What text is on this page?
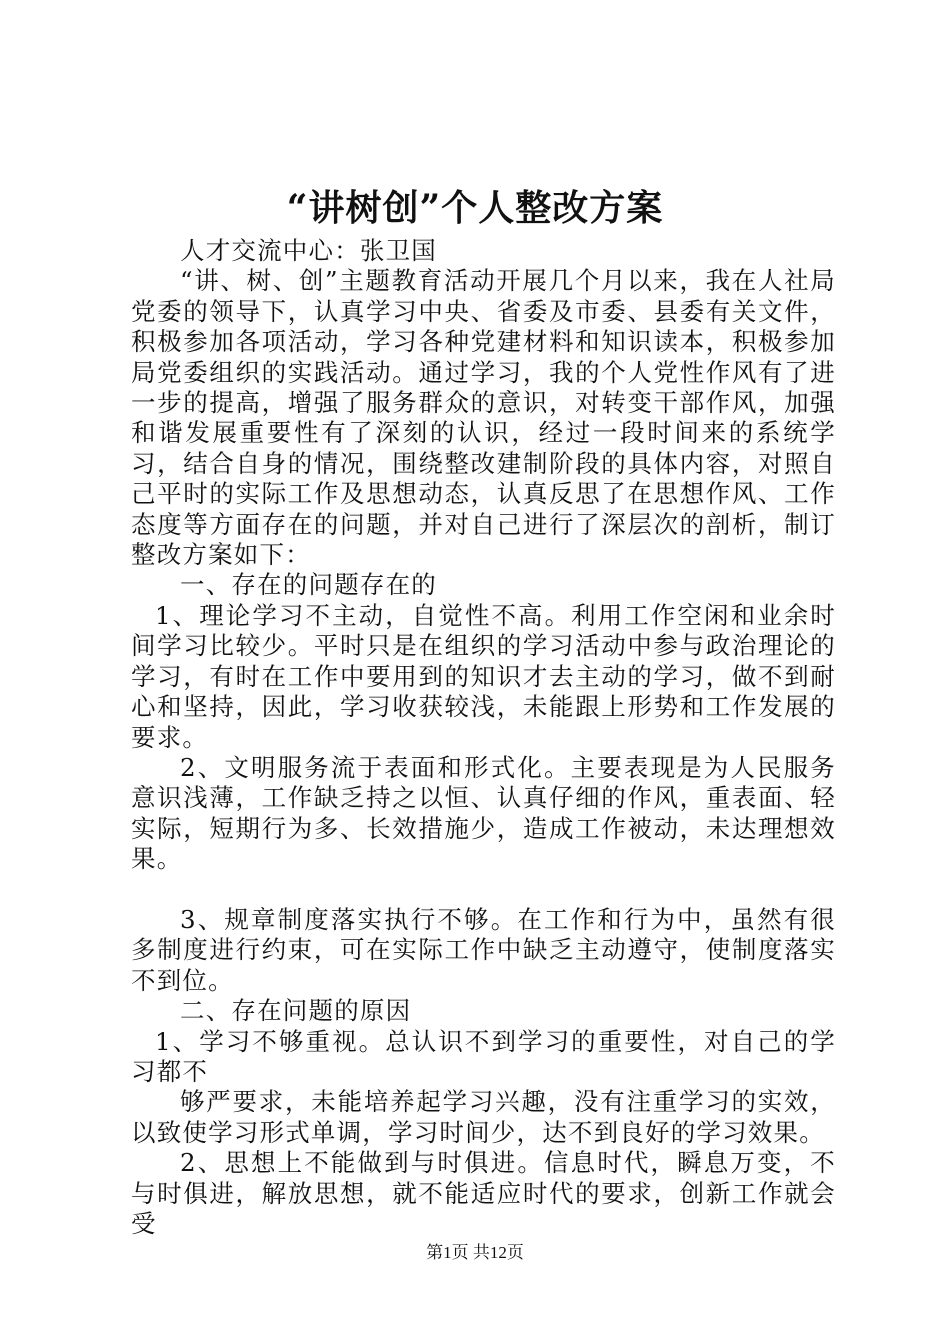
“讲树创”个人整改方案

人才交流中心：张卫国

“讲、树、创”主题教育活动开展几个月以来，我在人社局党委的领导下，认真学习中央、省委及市委、县委有关文件，积极参加各项活动，学习各种党建材料和知识读本，积极参加局党委组织的实践活动。通过学习，我的个人党性作风有了进一步的提高，增强了服务群众的意识，对转变干部作风，加强和谐发展重要性有了深刻的认识，经过一段时间来的系统学习，结合自身的情况，围绕整改建制阶段的具体内容，对照自己平时的实际工作及思想动态，认真反思了在思想作风、工作态度等方面存在的问题，并对自己进行了深层次的剖析，制订整改方案如下：

一、存在的问题存在的

1、理论学习不主动，自觉性不高。利用工作空闲和业余时间学习比较少。平时只是在组织的学习活动中参与政治理论的学习，有时在工作中要用到的知识才去主动的学习，做不到耐心和坚持，因此，学习收获较浅，未能跟上形势和工作发展的要求。

2、文明服务流于表面和形式化。主要表现是为人民服务意识浅薄，工作缺乏持之以恒、认真仔细的作风，重表面、轻实际，短期行为多、长效措施少，造成工作被动，未达理想效果。

3、规章制度落实执行不够。在工作和行为中，虽然有很多制度进行约束，可在实际工作中缺乏主动遵守，使制度落实不到位。

二、存在问题的原因

1、学习不够重视。总认识不到学习的重要性，对自己的学习都不

够严要求，未能培养起学习兴趣，没有注重学习的实效，以致使学习形式单调，学习时间少，达不到良好的学习效果。

2、思想上不能做到与时俱进。信息时代，瞬息万变，不与时俱进，解放思想，就不能适应时代的要求，创新工作就会受

第1页 共12页
